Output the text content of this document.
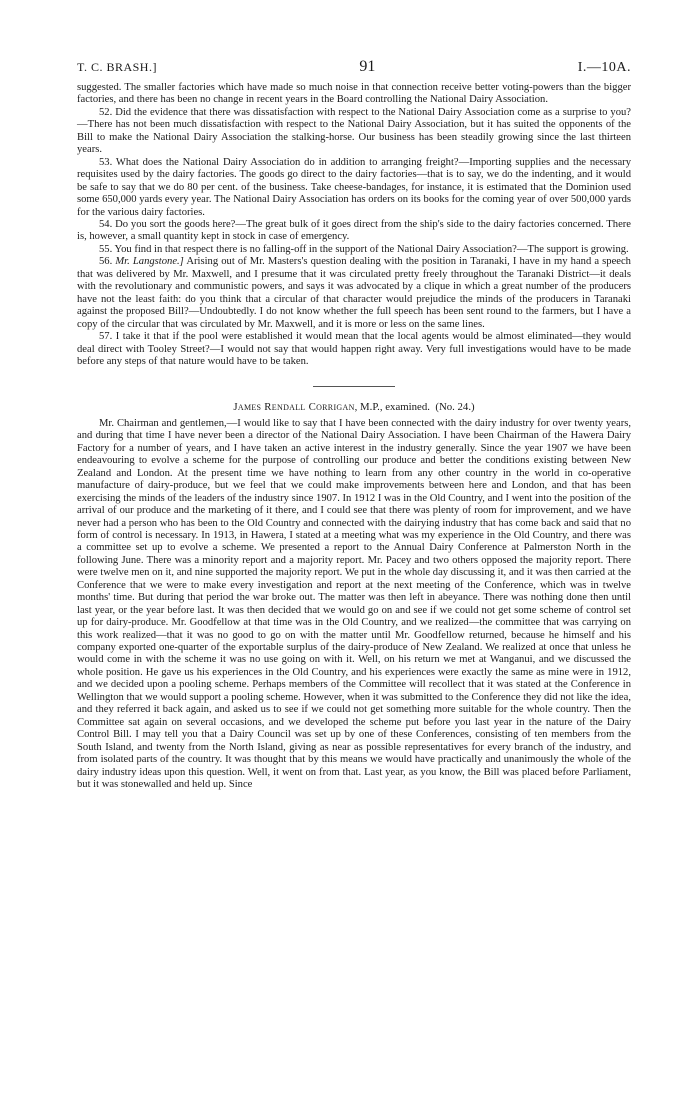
T. C. BRASH.]	91	I.—10A.

suggested. The smaller factories which have made so much noise in that connection receive better voting-powers than the bigger factories, and there has been no change in recent years in the Board controlling the National Dairy Association.

52. Did the evidence that there was dissatisfaction with respect to the National Dairy Association come as a surprise to you?—There has not been much dissatisfaction with respect to the National Dairy Association, but it has suited the opponents of the Bill to make the National Dairy Association the stalking-horse. Our business has been steadily growing since the last thirteen years.

53. What does the National Dairy Association do in addition to arranging freight?—Importing supplies and the necessary requisites used by the dairy factories. The goods go direct to the dairy factories—that is to say, we do the indenting, and it would be safe to say that we do 80 per cent. of the business. Take cheese-bandages, for instance, it is estimated that the Dominion used some 650,000 yards every year. The National Dairy Association has orders on its books for the coming year of over 500,000 yards for the various dairy factories.

54. Do you sort the goods here?—The great bulk of it goes direct from the ship's side to the dairy factories concerned. There is, however, a small quantity kept in stock in case of emergency.

55. You find in that respect there is no falling-off in the support of the National Dairy Association?—The support is growing.

56. Mr. Langstone.] Arising out of Mr. Masters's question dealing with the position in Taranaki, I have in my hand a speech that was delivered by Mr. Maxwell, and I presume that it was circulated pretty freely throughout the Taranaki District—it deals with the revolutionary and communistic powers, and says it was advocated by a clique in which a great number of the producers have not the least faith: do you think that a circular of that character would prejudice the minds of the producers in Taranaki against the proposed Bill?—Undoubtedly. I do not know whether the full speech has been sent round to the farmers, but I have a copy of the circular that was circulated by Mr. Maxwell, and it is more or less on the same lines.

57. I take it that if the pool were established it would mean that the local agents would be almost eliminated—they would deal direct with Tooley Street?—I would not say that would happen right away. Very full investigations would have to be made before any steps of that nature would have to be taken.

James Rendall Corrigan, M.P., examined. (No. 24.)

Mr. Chairman and gentlemen,—I would like to say that I have been connected with the dairy industry for over twenty years, and during that time I have never been a director of the National Dairy Association. I have been Chairman of the Hawera Dairy Factory for a number of years, and I have taken an active interest in the industry generally. Since the year 1907 we have been endeavouring to evolve a scheme for the purpose of controlling our produce and better the conditions existing between New Zealand and London. At the present time we have nothing to learn from any other country in the world in co-operative manufacture of dairy-produce, but we feel that we could make improvements between here and London, and that has been exercising the minds of the leaders of the industry since 1907. In 1912 I was in the Old Country, and I went into the position of the arrival of our produce and the marketing of it there, and I could see that there was plenty of room for improvement, and we have never had a person who has been to the Old Country and connected with the dairying industry that has come back and said that no form of control is necessary. In 1913, in Hawera, I stated at a meeting what was my experience in the Old Country, and there was a committee set up to evolve a scheme. We presented a report to the Annual Dairy Conference at Palmerston North in the following June. There was a minority report and a majority report. Mr. Pacey and two others opposed the majority report. There were twelve men on it, and nine supported the majority report. We put in the whole day discussing it, and it was then carried at the Conference that we were to make every investigation and report at the next meeting of the Conference, which was in twelve months' time. But during that period the war broke out. The matter was then left in abeyance. There was nothing done then until last year, or the year before last. It was then decided that we would go on and see if we could not get some scheme of control set up for dairy-produce. Mr. Goodfellow at that time was in the Old Country, and we realized—the committee that was carrying on this work realized—that it was no good to go on with the matter until Mr. Goodfellow returned, because he himself and his company exported one-quarter of the exportable surplus of the dairy-produce of New Zealand. We realized at once that unless he would come in with the scheme it was no use going on with it. Well, on his return we met at Wanganui, and we discussed the whole position. He gave us his experiences in the Old Country, and his experiences were exactly the same as mine were in 1912, and we decided upon a pooling scheme. Perhaps members of the Committee will recollect that it was stated at the Conference in Wellington that we would support a pooling scheme. However, when it was submitted to the Conference they did not like the idea, and they referred it back again, and asked us to see if we could not get something more suitable for the whole country. Then the Committee sat again on several occasions, and we developed the scheme put before you last year in the nature of the Dairy Control Bill. I may tell you that a Dairy Council was set up by one of these Conferences, consisting of ten members from the South Island, and twenty from the North Island, giving as near as possible representatives for every branch of the industry, and from isolated parts of the country. It was thought that by this means we would have practically and unanimously the whole of the dairy industry ideas upon this question. Well, it went on from that. Last year, as you know, the Bill was placed before Parliament, but it was stonewalled and held up. Since
